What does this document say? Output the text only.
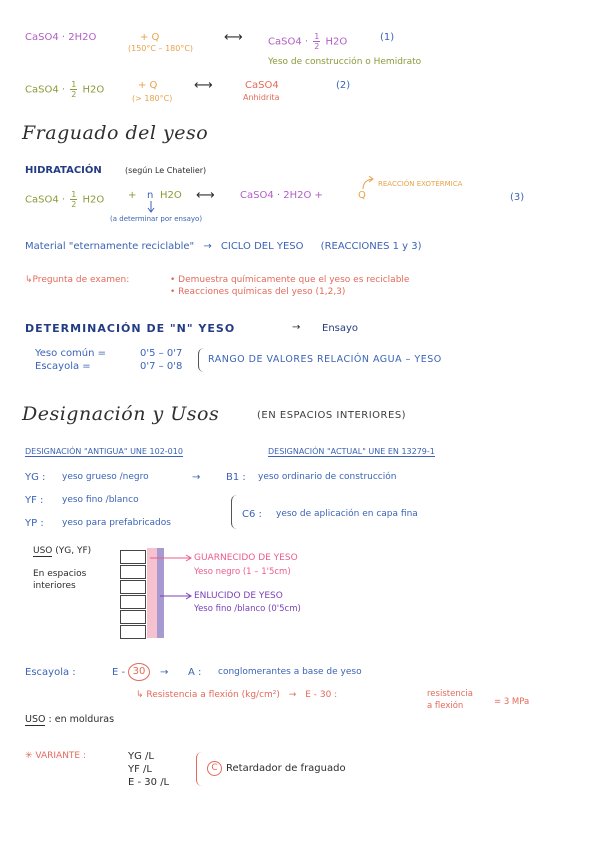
CaSO4 · 2H2O	+ Q
(150°C – 180°C)
⟷	CaSO4 · $\frac{1}{2} H2O$	(1)
Yeso de construcción o Hemidrato
CaSO4 · $\frac{1}{2} H2O$	+ Q
(> 180°C)
⟷	CaSO4
Anhidrita
(2)
Fraguado del yeso
HIDRATACIÓN	(según Le Chatelier)
CaSO4 · $\frac{1}{2} H2O + n$ H2O
(a determinar por ensayo)
⟷	CaSO4 · 2H2O +	Q
REACCIÓN EXOTÉRMICA
(3)
Material "eternamente reciclable" → CICLO DEL YESO (REACCIONES 1 y 3)
↳Pregunta de examen:	• Demuestra químicamente que el yeso es reciclable
• Reacciones químicas del yeso (1,2,3)
DETERMINACIÓN DE "N" YESO	→ Ensayo
Yeso común =	0'5 – 0'7
Escayola =	0'7 – 0'8
RANGO DE VALORES RELACIÓN AGUA – YESO
Designación y Usos	(EN ESPACIOS INTERIORES)
DESIGNACIÓN "ANTIGUA" UNE 102-010	DESIGNACIÓN "ACTUAL" UNE EN 13279-1
YG : yeso grueso /negro	→	B1 : yeso ordinario de construcción
YF : yeso fino /blanco
YP : yeso para prefabricados
C6 : yeso de aplicación en capa fina
USO (YG, YF)
En espacios
interiores
GUARNECIDO DE YESO
Yeso negro (1 – 1'5cm)
ENLUCIDO DE YESO
Yeso fino /blanco (0'5cm)
Escayola :	E - 30	→ A : conglomerantes a base de yeso
↳ Resistencia a flexión (kg/cm²) → E - 30 :	resistencia
a flexión	= 3 MPa
USO : en molduras
✳ VARIANTE :	YG /L
YF /L
E - 30 /L
C Retardador de fraguado
